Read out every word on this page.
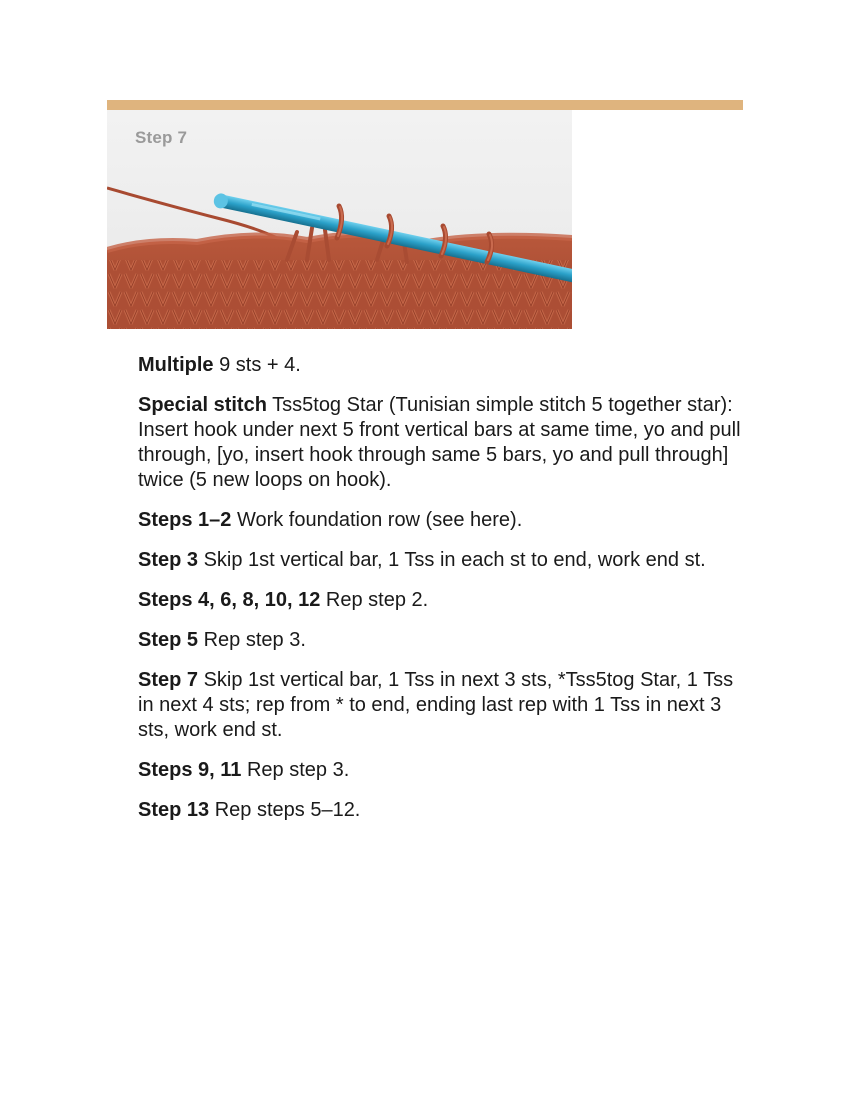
Step 7

Multiple 9 sts + 4.

Special stitch Tss5tog Star (Tunisian simple stitch 5 together star): Insert hook under next 5 front vertical bars at same time, yo and pull through, [yo, insert hook through same 5 bars, yo and pull through] twice (5 new loops on hook).

Steps 1–2 Work foundation row (see here).

Step 3 Skip 1st vertical bar, 1 Tss in each st to end, work end st.

Steps 4, 6, 8, 10, 12 Rep step 2.

Step 5 Rep step 3.

Step 7 Skip 1st vertical bar, 1 Tss in next 3 sts, *Tss5tog Star, 1 Tss in next 4 sts; rep from * to end, ending last rep with 1 Tss in next 3 sts, work end st.

Steps 9, 11 Rep step 3.

Step 13 Rep steps 5–12.
